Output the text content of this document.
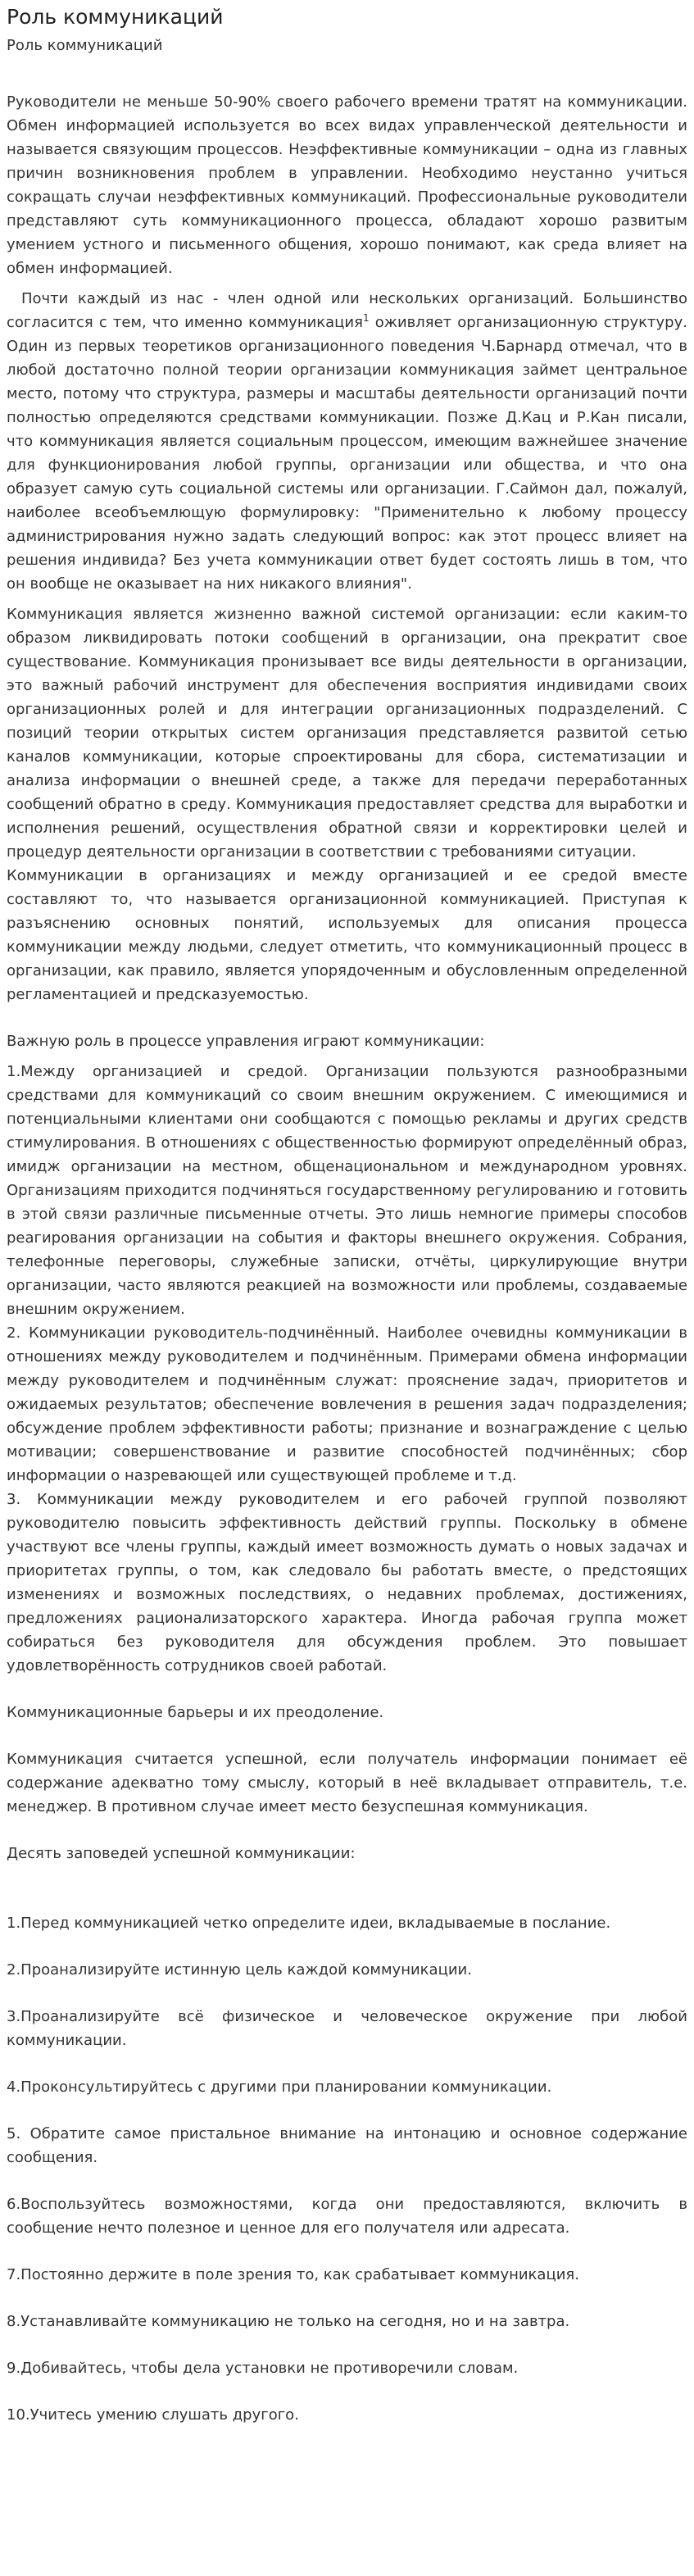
Роль коммуникаций
Роль коммуникаций

Руководители не меньше 50-90% своего рабочего времени тратят на коммуникации. Обмен информацией используется во всех видах управленческой деятельности и называется связующим процессов. Неэффективные коммуникации – одна из главных причин возникновения проблем в управлении. Необходимо неустанно учиться сокращать случаи неэффективных коммуникаций. Профессиональные руководители представляют суть коммуникационного процесса, обладают хорошо развитым умением устного и письменного общения, хорошо понимают, как среда влияет на обмен информацией.

Почти каждый из нас - член одной или нескольких организаций. Большинство согласится с тем, что именно коммуникация$^1$ оживляет организационную структуру. Один из первых теоретиков организационного поведения Ч.Барнард отмечал, что в любой достаточно полной теории организации коммуникация займет центральное место, потому что структура, размеры и масштабы деятельности организаций почти полностью определяются средствами коммуникации. Позже Д.Кац и Р.Кан писали, что коммуникация является социальным процессом, имеющим важнейшее значение для функционирования любой группы, организации или общества, и что она образует самую суть социальной системы или организации. Г.Саймон дал, пожалуй, наиболее всеобъемлющую формулировку: "Применительно к любому процессу администрирования нужно задать следующий вопрос: как этот процесс влияет на решения индивида? Без учета коммуникации ответ будет состоять лишь в том, что он вообще не оказывает на них никакого влияния".

Коммуникация является жизненно важной системой организации: если каким-то образом ликвидировать потоки сообщений в организации, она прекратит свое существование. Коммуникация пронизывает все виды деятельности в организации, это важный рабочий инструмент для обеспечения восприятия индивидами своих организационных ролей и для интеграции организационных подразделений. С позиций теории открытых систем организация представляется развитой сетью каналов коммуникации, которые спроектированы для сбора, систематизации и анализа информации о внешней среде, а также для передачи переработанных сообщений обратно в среду. Коммуникация предоставляет средства для выработки и исполнения решений, осуществления обратной связи и корректировки целей и процедур деятельности организации в соответствии с требованиями ситуации.

Коммуникации в организациях и между организацией и ее средой вместе составляют то, что называется организационной коммуникацией. Приступая к разъяснению основных понятий, используемых для описания процесса коммуникации между людьми, следует отметить, что коммуникационный процесс в организации, как правило, является упорядоченным и обусловленным определенной регламентацией и предсказуемостью.

Важную роль в процессе управления играют коммуникации:

1.Между организацией и средой. Организации пользуются разнообразными средствами для коммуникаций со своим внешним окружением. С имеющимися и потенциальными клиентами они сообщаются с помощью рекламы и других средств стимулирования. В отношениях с общественностью формируют определённый образ, имидж организации на местном, общенациональном и международном уровнях. Организациям приходится подчиняться государственному регулированию и готовить в этой связи различные письменные отчеты. Это лишь немногие примеры способов реагирования организации на события и факторы внешнего окружения. Собрания, телефонные переговоры, служебные записки, отчёты, циркулирующие внутри организации, часто являются реакцией на возможности или проблемы, создаваемые внешним окружением.

2. Коммуникации руководитель-подчинённый. Наиболее очевидны коммуникации в отношениях между руководителем и подчинённым. Примерами обмена информации между руководителем и подчинённым служат: прояснение задач, приоритетов и ожидаемых результатов; обеспечение вовлечения в решения задач подразделения; обсуждение проблем эффективности работы; признание и вознаграждение с целью мотивации; совершенствование и развитие способностей подчинённых; сбор информации о назревающей или существующей проблеме и т.д.

3. Коммуникации между руководителем и его рабочей группой позволяют руководителю повысить эффективность действий группы. Поскольку в обмене участвуют все члены группы, каждый имеет возможность думать о новых задачах и приоритетах группы, о том, как следовало бы работать вместе, о предстоящих изменениях и возможных последствиях, о недавних проблемах, достижениях, предложениях рационализаторского характера. Иногда рабочая группа может собираться без руководителя для обсуждения проблем. Это повышает удовлетворённость сотрудников своей работай.

Коммуникационные барьеры и их преодоление.

Коммуникация считается успешной, если получатель информации понимает её содержание адекватно тому смыслу, который в неё вкладывает отправитель, т.е. менеджер. В противном случае имеет место безуспешная коммуникация.

Десять заповедей успешной коммуникации:

1.Перед коммуникацией четко определите идеи, вкладываемые в послание.

2.Проанализируйте истинную цель каждой коммуникации.

3.Проанализируйте всё физическое и человеческое окружение при любой коммуникации.

4.Проконсультируйтесь с другими при планировании коммуникации.

5. Обратите самое пристальное внимание на интонацию и основное содержание сообщения.

6.Воспользуйтесь возможностями, когда они предоставляются, включить в сообщение нечто полезное и ценное для его получателя или адресата.

7.Постоянно держите в поле зрения то, как срабатывает коммуникация.

8.Устанавливайте коммуникацию не только на сегодня, но и на завтра.

9.Добивайтесь, чтобы дела установки не противоречили словам.

10.Учитесь умению слушать другого.
